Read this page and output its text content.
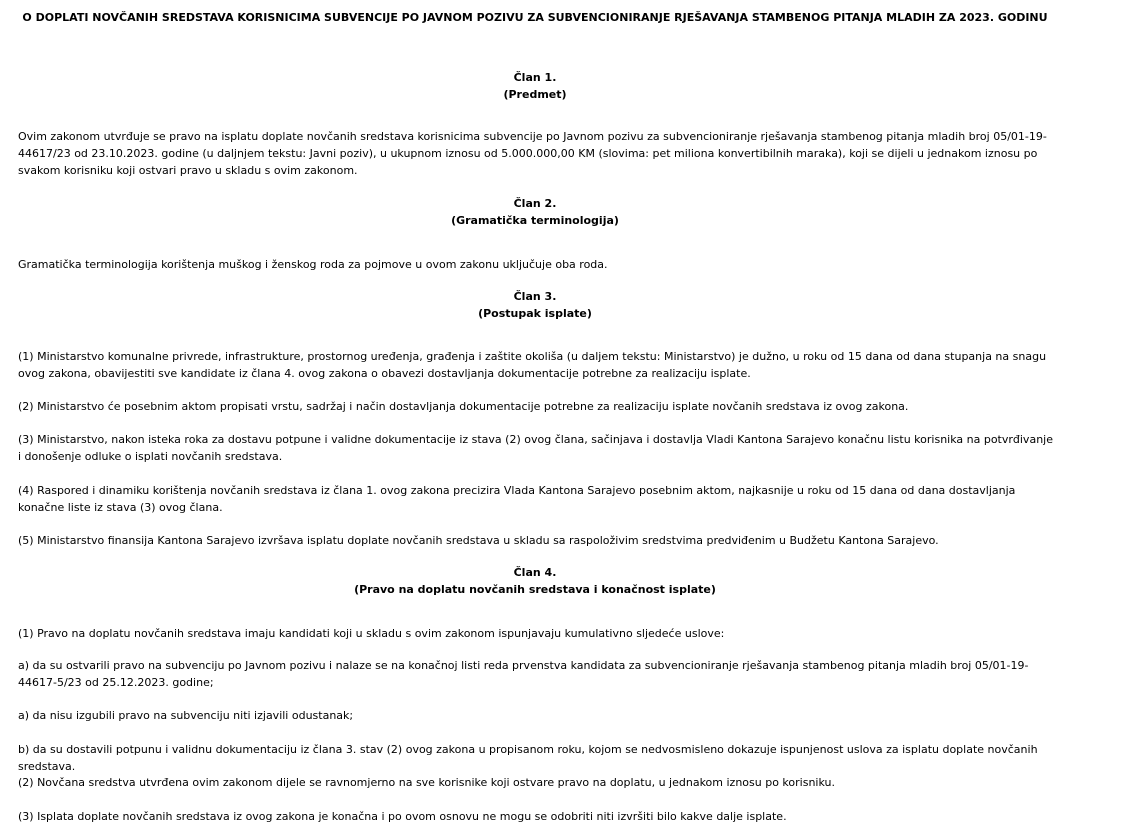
O DOPLATI NOVČANIH SREDSTAVA KORISNICIMA SUBVENCIJE PO JAVNOM POZIVU ZA SUBVENCIONIRANJE RJEŠAVANJA STAMBENOG PITANJA MLADIH ZA 2023. GODINU
Član 1.
(Predmet)

Ovim zakonom utvrđuje se pravo na isplatu doplate novčanih sredstava korisnicima subvencije po Javnom pozivu za subvencioniranje rješavanja stambenog pitanja mladih broj 05/01-19-44617/23 od 23.10.2023. godine (u daljnjem tekstu: Javni poziv), u ukupnom iznosu od 5.000.000,00 KM (slovima: pet miliona konvertibilnih maraka), koji se dijeli u jednakom iznosu po svakom korisniku koji ostvari pravo u skladu s ovim zakonom.

Član 2.
(Gramatička terminologija)

Gramatička terminologija korištenja muškog i ženskog roda za pojmove u ovom zakonu uključuje oba roda.

Član 3.
(Postupak isplate)

(1) Ministarstvo komunalne privrede, infrastrukture, prostornog uređenja, građenja i zaštite okoliša (u daljem tekstu: Ministarstvo) je dužno, u roku od 15 dana od dana stupanja na snagu ovog zakona, obavijestiti sve kandidate iz člana 4. ovog zakona o obavezi dostavljanja dokumentacije potrebne za realizaciju isplate.

(2) Ministarstvo će posebnim aktom propisati vrstu, sadržaj i način dostavljanja dokumentacije potrebne za realizaciju isplate novčanih sredstava iz ovog zakona.

(3) Ministarstvo, nakon isteka roka za dostavu potpune i validne dokumentacije iz stava (2) ovog člana, sačinjava i dostavlja Vladi Kantona Sarajevo konačnu listu korisnika na potvrđivanje i donošenje odluke o isplati novčanih sredstava.

(4) Raspored i dinamiku korištenja novčanih sredstava iz člana 1. ovog zakona precizira Vlada Kantona Sarajevo posebnim aktom, najkasnije u roku od 15 dana od dana dostavljanja konačne liste iz stava (3) ovog člana.

(5) Ministarstvo finansija Kantona Sarajevo izvršava isplatu doplate novčanih sredstava u skladu sa raspoloživim sredstvima predviđenim u Budžetu Kantona Sarajevo.

Član 4.
(Pravo na doplatu novčanih sredstava i konačnost isplate)

(1) Pravo na doplatu novčanih sredstava imaju kandidati koji u skladu s ovim zakonom ispunjavaju kumulativno sljedeće uslove:

a) da su ostvarili pravo na subvenciju po Javnom pozivu i nalaze se na konačnoj listi reda prvenstva kandidata za subvencioniranje rješavanja stambenog pitanja mladih broj 05/01-19-44617-5/23 od 25.12.2023. godine;

a) da nisu izgubili pravo na subvenciju niti izjavili odustanak;

b) da su dostavili potpunu i validnu dokumentaciju iz člana 3. stav (2) ovog zakona u propisanom roku, kojom se nedvosmisleno dokazuje ispunjenost uslova za isplatu doplate novčanih sredstava.

(2) Novčana sredstva utvrđena ovim zakonom dijele se ravnomjerno na sve korisnike koji ostvare pravo na doplatu, u jednakom iznosu po korisniku.

(3) Isplata doplate novčanih sredstava iz ovog zakona je konačna i po ovom osnovu ne mogu se odobriti niti izvršiti bilo kakve dalje isplate.
